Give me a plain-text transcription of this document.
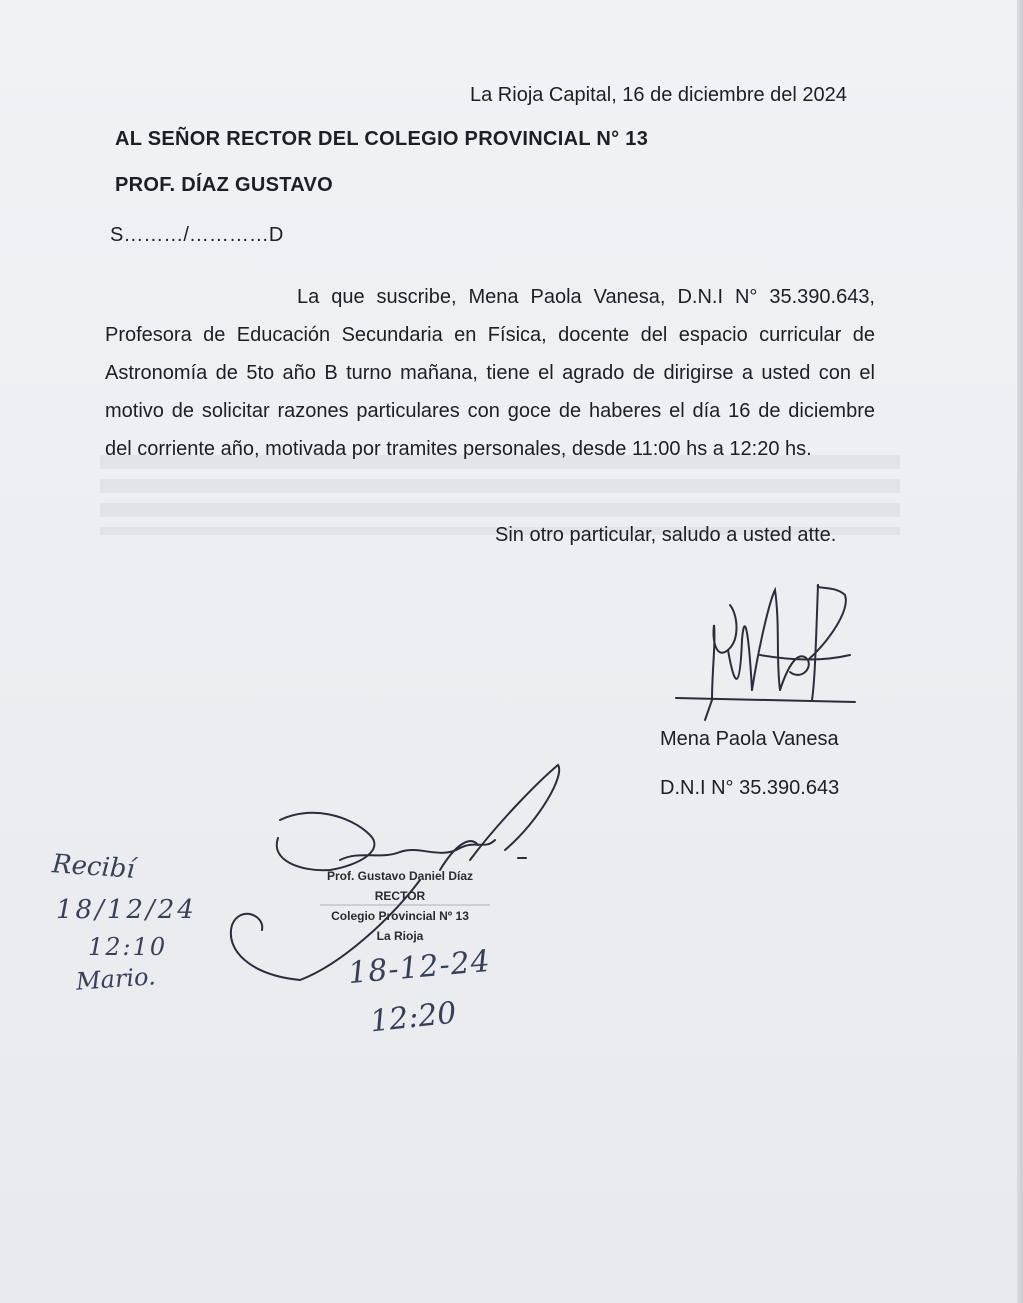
La Rioja Capital, 16 de diciembre del 2024
AL SEÑOR RECTOR DEL COLEGIO PROVINCIAL N° 13
PROF. DÍAZ GUSTAVO
S………/…………D
La que suscribe, Mena Paola Vanesa, D.N.I N° 35.390.643, Profesora de Educación Secundaria en Física, docente del espacio curricular de Astronomía de 5to año B turno mañana, tiene el agrado de dirigirse a usted con el motivo de solicitar razones particulares con goce de haberes el día 16 de diciembre del corriente año, motivada por tramites personales, desde 11:00 hs a 12:20 hs.
Sin otro particular, saludo a usted atte.
Mena Paola Vanesa
D.N.I N° 35.390.643
Prof. Gustavo Daniel Díaz
RECTOR
Colegio Provincial Nº 13
La Rioja
Recibí
18/12/24
12:10
Mario.	18-12-24
12:20
